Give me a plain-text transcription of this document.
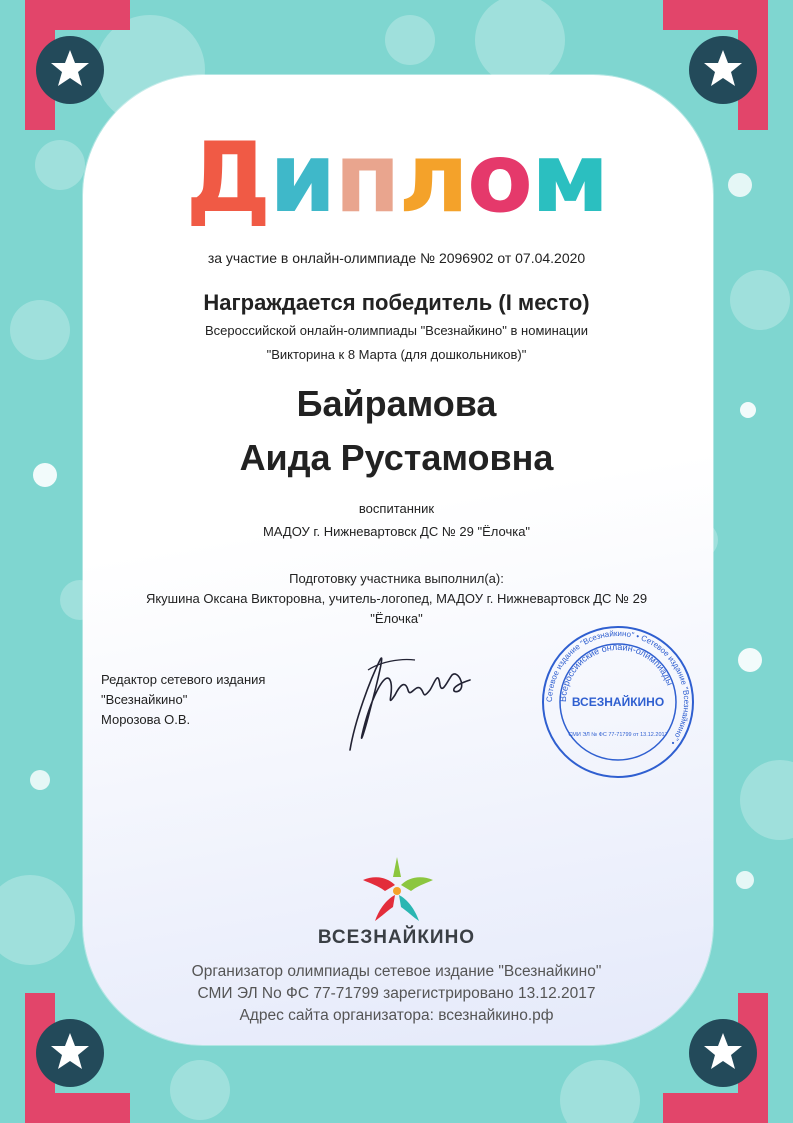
Диплом
за участие в онлайн-олимпиаде № 2096902 от 07.04.2020
Награждается победитель (I место)
Всероссийской онлайн-олимпиады "Всезнайкино" в номинации
"Викторина к 8 Марта (для дошкольников)"
Байрамова
Аида Рустамовна
воспитанник
МАДОУ г. Нижневартовск ДС № 29 "Ёлочка"
Подготовку участника выполнил(а):
Якушина Оксана Викторовна, учитель-логопед, МАДОУ г. Нижневартовск ДС № 29
"Ёлочка"
Редактор сетевого издания
"Всезнайкино"
Морозова О.В.
Сетевое издание "Всезнайкино" • Сетевое издание "Всезнайкино" •
Всероссийские онлайн-олимпиады
ВСЕЗНАЙКИНО
СМИ ЭЛ № ФС 77-71799 от 13.12.2017
ВСЕЗНАЙКИНО
Организатор олимпиады сетевое издание "Всезнайкино"
СМИ ЭЛ No ФС 77-71799 зарегистрировано 13.12.2017
Адрес сайта организатора: всезнайкино.рф
